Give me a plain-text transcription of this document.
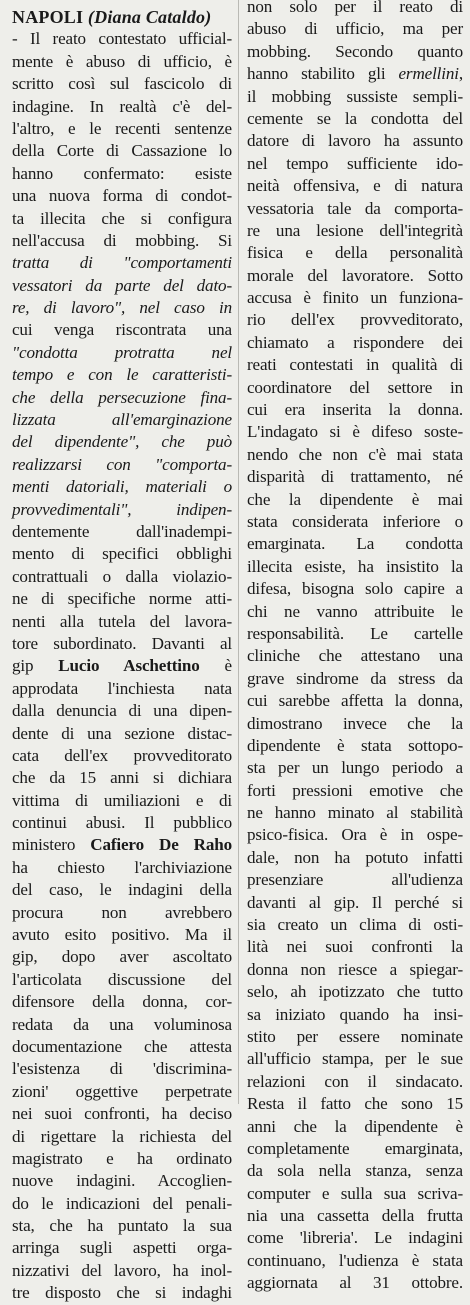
NAPOLI (Diana Cataldo)
- Il reato contestato ufficial-
mente è abuso di ufficio, è
scritto così sul fascicolo di
indagine. In realtà c'è del-
l'altro, e le recenti sentenze
della Corte di Cassazione lo
hanno confermato: esiste
una nuova forma di condot-
ta illecita che si configura
nell'accusa di mobbing. Si
tratta di "comportamenti
vessatori da parte del dato-
re, di lavoro", nel caso in
cui venga riscontrata una
"condotta protratta nel
tempo e con le caratteristi-
che della persecuzione fina-
lizzata all'emarginazione
del dipendente", che può
realizzarsi con "comporta-
menti datoriali, materiali o
provvedimentali", indipen-
dentemente dall'inadempi-
mento di specifici obblighi
contrattuali o dalla violazio-
ne di specifiche norme atti-
nenti alla tutela del lavora-
tore subordinato. Davanti al
gip Lucio Aschettino è
approdata l'inchiesta nata
dalla denuncia di una dipen-
dente di una sezione distac-
cata dell'ex provveditorato
che da 15 anni si dichiara
vittima di umiliazioni e di
continui abusi. Il pubblico
ministero Cafiero De Raho
ha chiesto l'archiviazione
del caso, le indagini della
procura non avrebbero
avuto esito positivo. Ma il
gip, dopo aver ascoltato
l'articolata discussione del
difensore della donna, cor-
redata da una voluminosa
documentazione che attesta
l'esistenza di 'discrimina-
zioni' oggettive perpetrate
nei suoi confronti, ha deciso
di rigettare la richiesta del
magistrato e ha ordinato
nuove indagini. Accoglien-
do le indicazioni del penali-
sta, che ha puntato la sua
arringa sugli aspetti orga-
nizzativi del lavoro, ha inol-
tre disposto che si indaghi
non solo per il reato di
abuso di ufficio, ma per
mobbing. Secondo quanto
hanno stabilito gli ermellini,
il mobbing sussiste sempli-
cemente se la condotta del
datore di lavoro ha assunto
nel tempo sufficiente ido-
neità offensiva, e di natura
vessatoria tale da comporta-
re una lesione dell'integrità
fisica e della personalità
morale del lavoratore. Sotto
accusa è finito un funziona-
rio dell'ex provveditorato,
chiamato a rispondere dei
reati contestati in qualità di
coordinatore del settore in
cui era inserita la donna.
L'indagato si è difeso soste-
nendo che non c'è mai stata
disparità di trattamento, né
che la dipendente è mai
stata considerata inferiore o
emarginata. La condotta
illecita esiste, ha insistito la
difesa, bisogna solo capire a
chi ne vanno attribuite le
responsabilità. Le cartelle
cliniche che attestano una
grave sindrome da stress da
cui sarebbe affetta la donna,
dimostrano invece che la
dipendente è stata sottopo-
sta per un lungo periodo a
forti pressioni emotive che
ne hanno minato al stabilità
psico-fisica. Ora è in ospe-
dale, non ha potuto infatti
presenziare all'udienza
davanti al gip. Il perché si
sia creato un clima di osti-
lità nei suoi confronti la
donna non riesce a spiegar-
selo, ah ipotizzato che tutto
sa iniziato quando ha insi-
stito per essere nominate
all'ufficio stampa, per le sue
relazioni con il sindacato.
Resta il fatto che sono 15
anni che la dipendente è
completamente emarginata,
da sola nella stanza, senza
computer e sulla sua scriva-
nia una cassetta della frutta
come 'libreria'. Le indagini
continuano, l'udienza è stata
aggiornata al 31 ottobre.
